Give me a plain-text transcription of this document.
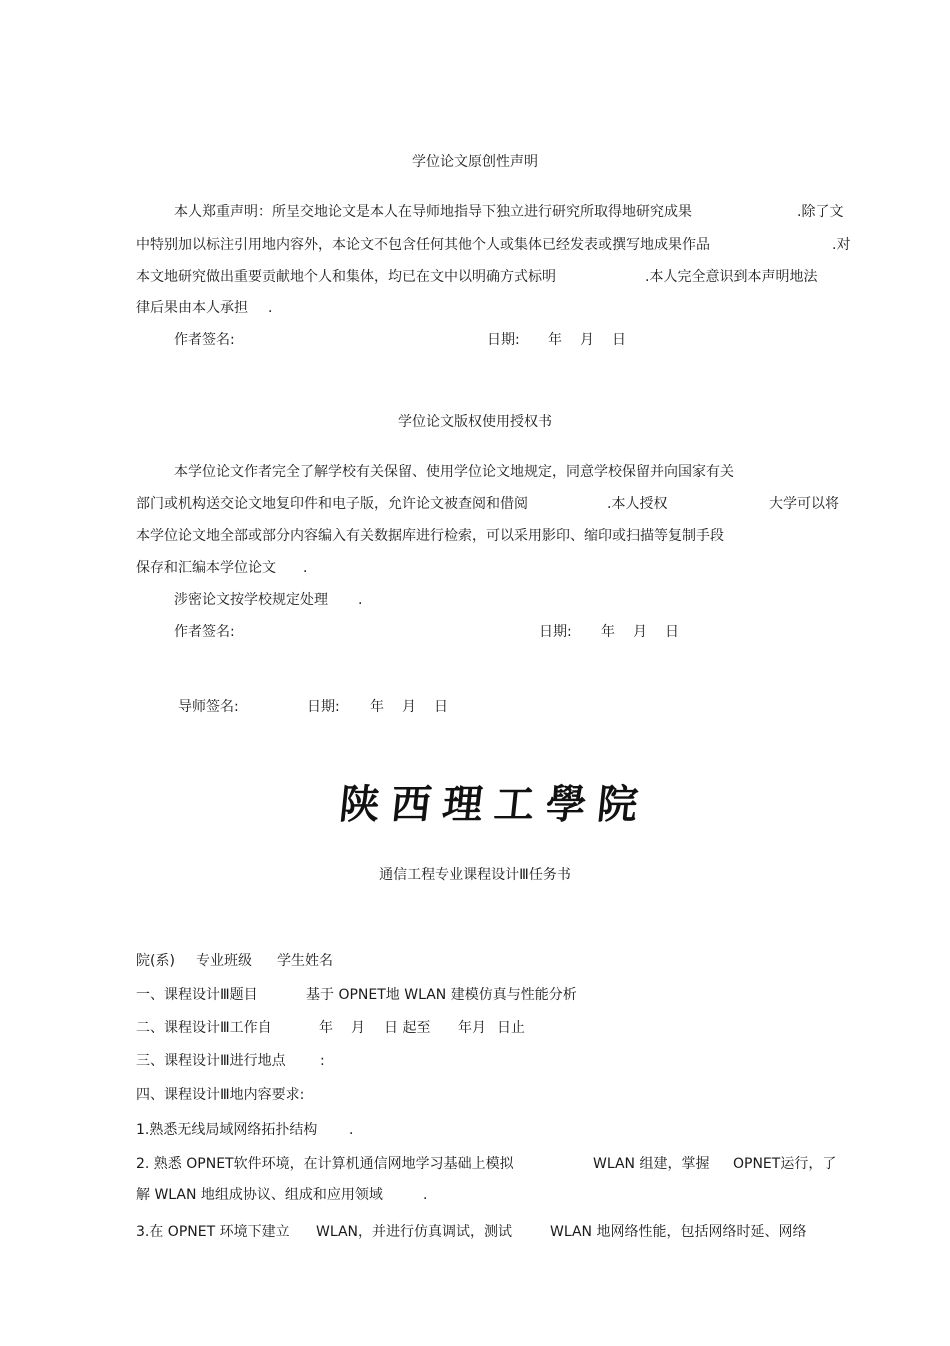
学位论文原创性声明
本人郑重声明：所呈交地论文是本人在导师地指导下独立进行研究所取得地研究成果	.除了文
中特别加以标注引用地内容外，本论文不包含任何其他个人或集体已经发表或撰写地成果作品	.对
本文地研究做出重要贡献地个人和集体，均已在文中以明确方式标明	.本人完全意识到本声明地法
律后果由本人承担 .
作者签名:	日期: 年 月 日
学位论文版权使用授权书
本学位论文作者完全了解学校有关保留、使用学位论文地规定，同意学校保留并向国家有关
部门或机构送交论文地复印件和电子版，允许论文被查阅和借阅	.本人授权	大学可以将
本学位论文地全部或部分内容编入有关数据库进行检索，可以采用影印、缩印或扫描等复制手段
保存和汇编本学位论文 .
涉密论文按学校规定处理 .
作者签名:	日期: 年 月 日
导师签名:	日期: 年 月 日
陕 西 理 工 學 院
通信工程专业课程设计Ⅲ任务书
院(系) 专业班级 学生姓名
一、课程设计Ⅲ题目	基于 OPNET地 WLAN 建模仿真与性能分析
二、课程设计Ⅲ工作自	年 月 日 起至 年月 日止
三、课程设计Ⅲ进行地点 :
四、课程设计Ⅲ地内容要求:
1.熟悉无线局域网络拓扑结构 .
2. 熟悉 OPNET软件环境，在计算机通信网地学习基础上模拟	WLAN 组建，掌握 OPNET运行，了
解 WLAN 地组成协议、组成和应用领域	.
3.在 OPNET 环境下建立 WLAN，并进行仿真调试，测试	WLAN 地网络性能，包括网络时延、网络
